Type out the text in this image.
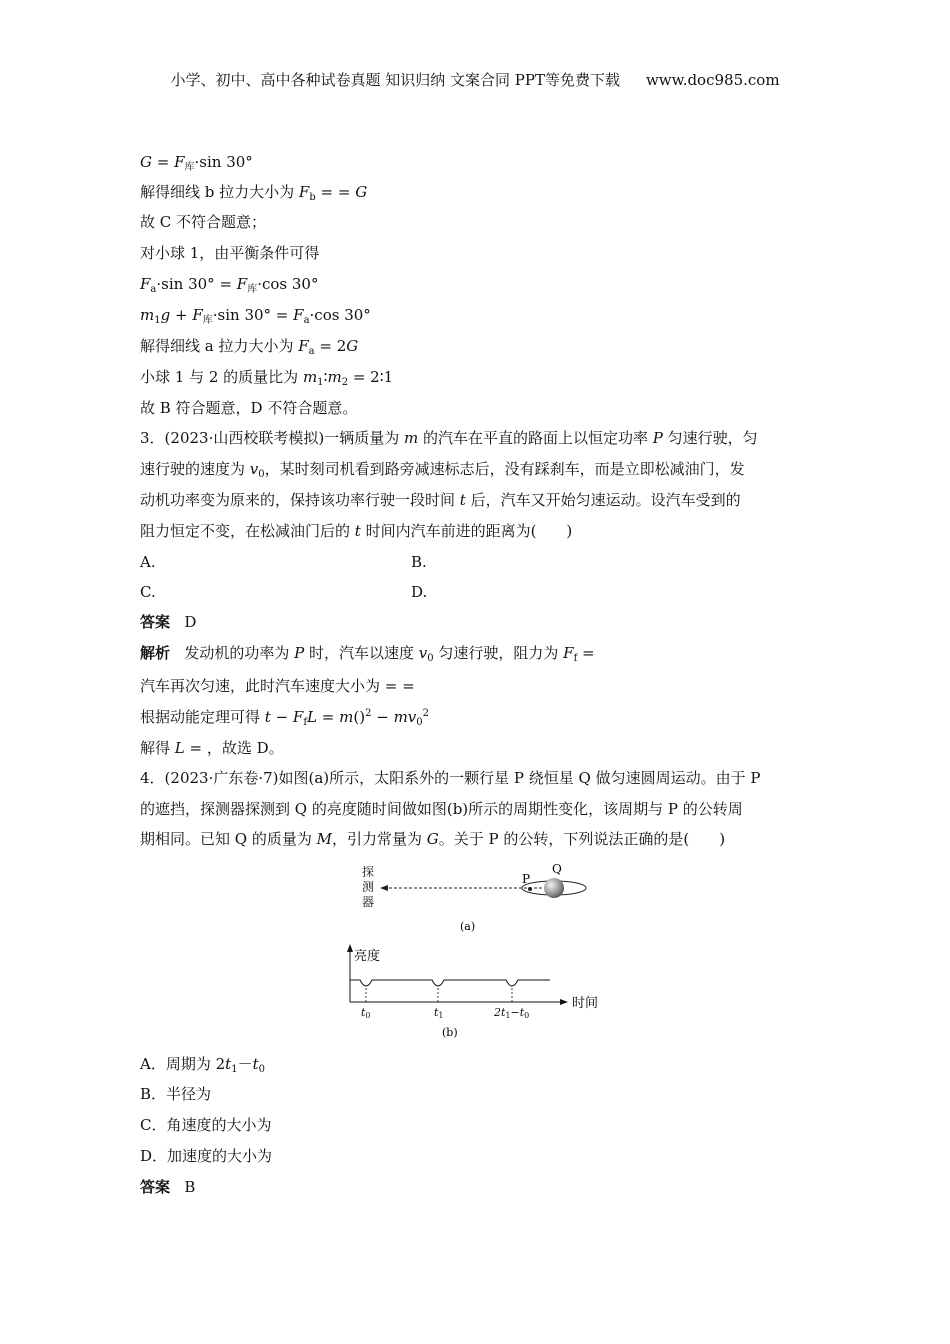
小学、初中、高中各种试卷真题 知识归纳 文案合同 PPT等免费下载 www.doc985.com
$G = F_库\cdot\sin$ 30°
解得细线 b 拉力大小为 $F_b$ = = G
故 C 不符合题意；
对小球 1，由平衡条件可得
$F_a\cdot\sin$ $30^\circ = F_库\cdot\cos$ 30°
$m_1g + F_库\cdot\sin$ $30^\circ = F_a\cdot\cos$ 30°
解得细线 a 拉力大小为 $F_a = 2G$
小球 1 与 2 的质量比为 $m_1∶m_2$ = 2∶1
故 B 符合题意，D 不符合题意。
3．(2023·山西校联考模拟)一辆质量为 m 的汽车在平直的路面上以恒定功率 P 匀速行驶，匀
速行驶的速度为 $v_0$，某时刻司机看到路旁减速标志后，没有踩刹车，而是立即松减油门，发
动机功率变为原来的，保持该功率行驶一段时间 t 后，汽车又开始匀速运动。设汽车受到的
阻力恒定不变，在松减油门后的 t 时间内汽车前进的距离为(　　)
A.	B.
C.	D.
答案 D
解析 发动机的功率为 P 时，汽车以速度 $v_0$ 匀速行驶，阻力为 $F_f$ =
汽车再次匀速，此时汽车速度大小为 = =
根据动能定理可得 $t - F_fL = m()^2 - mv_0^2$
解得 L = ，故选 D。
4．(2023·广东卷·7)如图(a)所示，太阳系外的一颗行星 P 绕恒星 Q 做匀速圆周运动。由于 P
的遮挡，探测器探测到 Q 的亮度随时间做如图(b)所示的周期性变化，该周期与 P 的公转周
期相同。已知 Q 的质量为 M，引力常量为 G。关于 P 的公转，下列说法正确的是(　　)
探
测
器
P
Q
(a)
亮度
时间
t0	t1	2t1−t0
(b)
A．周期为 $2t_1-t_0$
B．半径为
C．角速度的大小为
D．加速度的大小为
答案 B
